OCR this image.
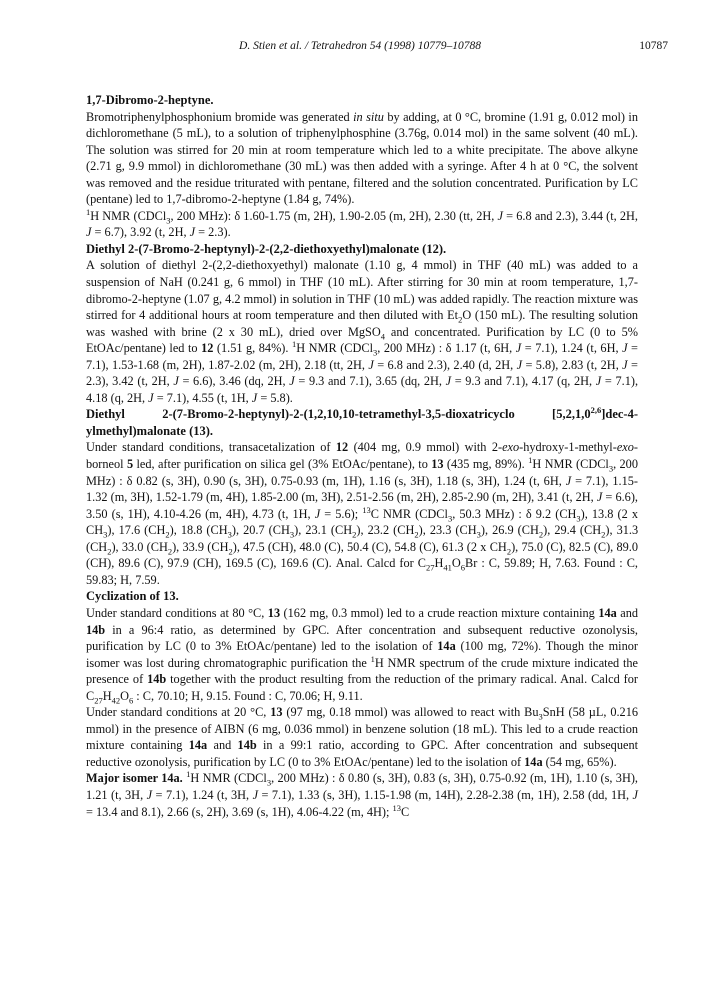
D. Stien et al. / Tetrahedron 54 (1998) 10779–10788	10787
1,7-Dibromo-2-heptyne.

Bromotriphenylphosphonium bromide was generated in situ by adding, at 0 °C, bromine (1.91 g, 0.012 mol) in dichloromethane (5 mL), to a solution of triphenylphosphine (3.76g, 0.014 mol) in the same solvent (40 mL). The solution was stirred for 20 min at room temperature which led to a white precipitate. The above alkyne (2.71 g, 9.9 mmol) in dichloromethane (30 mL) was then added with a syringe. After 4 h at 0 °C, the solvent was removed and the residue triturated with pentane, filtered and the solution concentrated. Purification by LC (pentane) led to 1,7-dibromo-2-heptyne (1.84 g, 74%).

$^1$H NMR (CDCl$_3$, 200 MHz): δ 1.60-1.75 (m, 2H), 1.90-2.05 (m, 2H), 2.30 (tt, 2H, J = 6.8 and 2.3), 3.44 (t, 2H, J = 6.7), 3.92 (t, 2H, J = 2.3).

Diethyl 2-(7-Bromo-2-heptynyl)-2-(2,2-diethoxyethyl)malonate (12).

A solution of diethyl 2-(2,2-diethoxyethyl) malonate (1.10 g, 4 mmol) in THF (40 mL) was added to a suspension of NaH (0.241 g, 6 mmol) in THF (10 mL). After stirring for 30 min at room temperature, 1,7-dibromo-2-heptyne (1.07 g, 4.2 mmol) in solution in THF (10 mL) was added rapidly. The reaction mixture was stirred for 4 additional hours at room temperature and then diluted with $Et_2O$ (150 mL). The resulting solution was washed with brine (2 x 30 mL), dried over MgSO$_4$ and concentrated. Purification by LC (0 to 5% EtOAc/pentane) led to 12 (1.51 g, 84%). $^1$H NMR (CDCl$_3$, 200 MHz) : δ 1.17 (t, 6H, J = 7.1), 1.24 (t, 6H, J = 7.1), 1.53-1.68 (m, 2H), 1.87-2.02 (m, 2H), 2.18 (tt, 2H, J = 6.8 and 2.3), 2.40 (d, 2H, J = 5.8), 2.83 (t, 2H, J = 2.3), 3.42 (t, 2H, J = 6.6), 3.46 (dq, 2H, J = 9.3 and 7.1), 3.65 (dq, 2H, J = 9.3 and 7.1), 4.17 (q, 2H, J = 7.1), 4.18 (q, 2H, J = 7.1), 4.55 (t, 1H, J = 5.8).

Diethyl 2-(7-Bromo-2-heptynyl)-2-(1,2,10,10-tetramethyl-3,5-dioxatricyclo [5,2,1,0$^{2,6}$]dec-4-ylmethyl)malonate (13).

Under standard conditions, transacetalization of 12 (404 mg, 0.9 mmol) with 2-exo-hydroxy-1-methyl-exo-borneol 5 led, after purification on silica gel (3% EtOAc/pentane), to 13 (435 mg, 89%). $^1$H NMR (CDCl$_3$, 200 MHz) : δ 0.82 (s, 3H), 0.90 (s, 3H), 0.75-0.93 (m, 1H), 1.16 (s, 3H), 1.18 (s, 3H), 1.24 (t, 6H, J = 7.1), 1.15-1.32 (m, 3H), 1.52-1.79 (m, 4H), 1.85-2.00 (m, 3H), 2.51-2.56 (m, 2H), 2.85-2.90 (m, 2H), 3.41 (t, 2H, J = 6.6), 3.50 (s, 1H), 4.10-4.26 (m, 4H), 4.73 (t, 1H, J = 5.6); $^{13}$C NMR (CDCl$_3$, 50.3 MHz) : δ 9.2 $(CH_3)$, 13.8 (2 x $CH_3$), 17.6 $(CH_2)$, 18.8 $(CH_3)$, 20.7 $(CH_3)$, 23.1 $(CH_2)$, 23.2 $(CH_2)$, 23.3 $(CH_3)$, 26.9 $(CH_2)$, 29.4 $(CH_2)$, 31.3 $(CH_2)$, 33.0 $(CH_2)$, 33.9 $(CH_2)$, 47.5 (CH), 48.0 (C), 50.4 (C), 54.8 (C), 61.3 (2 x $CH_2$), 75.0 (C), 82.5 (C), 89.0 (CH), 89.6 (C), 97.9 (CH), 169.5 (C), 169.6 (C). Anal. Calcd for $C_{27}H_{41}O_6Br$ : C, 59.89; H, 7.63. Found : C, 59.83; H, 7.59.

Cyclization of 13.

Under standard conditions at 80 °C, 13 (162 mg, 0.3 mmol) led to a crude reaction mixture containing 14a and 14b in a 96:4 ratio, as determined by GPC. After concentration and subsequent reductive ozonolysis, purification by LC (0 to 3% EtOAc/pentane) led to the isolation of 14a (100 mg, 72%). Though the minor isomer was lost during chromatographic purification the $^1$H NMR spectrum of the crude mixture indicated the presence of 14b together with the product resulting from the reduction of the primary radical. Anal. Calcd for $C_{27}H_{42}O_6$ : C, 70.10; H, 9.15. Found : C, 70.06; H, 9.11.

Under standard conditions at 20 °C, 13 (97 mg, 0.18 mmol) was allowed to react with $Bu_3SnH$ (58 µL, 0.216 mmol) in the presence of AIBN (6 mg, 0.036 mmol) in benzene solution (18 mL). This led to a crude reaction mixture containing 14a and 14b in a 99:1 ratio, according to GPC. After concentration and subsequent reductive ozonolysis, purification by LC (0 to 3% EtOAc/pentane) led to the isolation of 14a (54 mg, 65%).

Major isomer 14a. $^1$H NMR (CDCl$_3$, 200 MHz) : δ 0.80 (s, 3H), 0.83 (s, 3H), 0.75-0.92 (m, 1H), 1.10 (s, 3H), 1.21 (t, 3H, J = 7.1), 1.24 (t, 3H, J = 7.1), 1.33 (s, 3H), 1.15-1.98 (m, 14H), 2.28-2.38 (m, 1H), 2.58 (dd, 1H, J = 13.4 and 8.1), 2.66 (s, 2H), 3.69 (s, 1H), 4.06-4.22 (m, 4H); $^{13}$C
